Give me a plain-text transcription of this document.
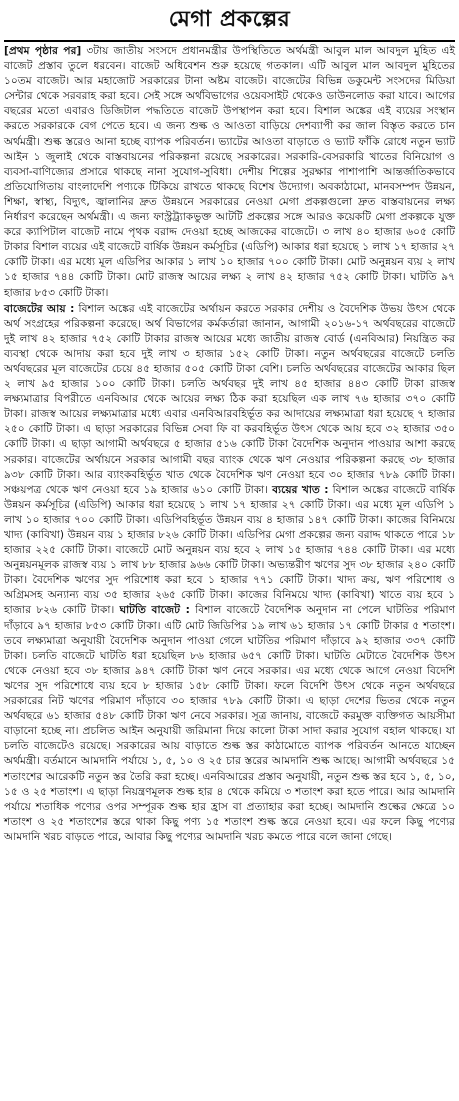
মেগা প্রকল্পের

[প্রথম পৃষ্ঠার পর] ৩টায় জাতীয় সংসদে প্রধানমন্ত্রীর উপস্থিতিতে অর্থমন্ত্রী আবুল মাল আবদুল মুহিত এই বাজেট প্রস্তাব তুলে ধরবেন। বাজেট অধিবেশন শুরু হয়েছে গতকাল। এটি আবুল মাল আবদুল মুহিতের ১০তম বাজেট। আর মহাজোট সরকারের টানা অষ্টম বাজেট। বাজেটের বিভিন্ন ডকুমেন্ট সংসদের মিডিয়া সেন্টার থেকে সরবরাহ করা হবে। সেই সঙ্গে অর্থবিভাগের ওয়েবসাইট থেকেও ডাউনলোড করা যাবে। আগের বছরের মতো এবারও ডিজিটাল পদ্ধতিতে বাজেট উপস্থাপন করা হবে। বিশাল অঙ্কের এই ব্যয়ের সংস্থান করতে সরকারকে বেগ পেতে হবে। এ জন্য শুল্ক ও আওতা বাড়িয়ে দেশব্যাপী কর জাল বিস্তৃত করতে চান অর্থমন্ত্রী। শুল্ক স্তরেও আনা হচ্ছে ব্যাপক পরিবর্তন। ভ্যাটের আওতা বাড়াতে ও ভ্যাট ফাঁকি রোধে নতুন ভ্যাট আইন ১ জুলাই থেকে বাস্তবায়নের পরিকল্পনা রয়েছে সরকারের। সরকারি-বেসরকারি খাতের বিনিয়োগ ও ব্যবসা-বাণিজ্যের প্রসারে থাকছে নানা সুযোগ-সুবিধা। দেশীয় শিল্পের সুরক্ষার পাশাপাশি আন্তর্জাতিকভাবে প্রতিযোগিতায় বাংলাদেশি পণ্যকে টিকিয়ে রাখতে থাকছে বিশেষ উদ্যোগ। অবকাঠামো, মানবসম্পদ উন্নয়ন, শিক্ষা, স্বাস্থ্য, বিদ্যুৎ, জ্বালানির দ্রুত উন্নয়নে সরকারের নেওয়া মেগা প্রকল্পগুলো দ্রুত বাস্তবায়নের লক্ষ্য নির্ধারণ করেছেন অর্থমন্ত্রী। এ জন্য ফাস্ট্রট্র্যাকভুক্ত আটটি প্রকল্পের সঙ্গে আরও কয়েকটি মেগা প্রকল্পকে যুক্ত করে ক্যাপিটাল বাজেট নামে পৃথক বরাদ্দ দেওয়া হচ্ছে আজকের বাজেটে। ৩ লাখ ৪০ হাজার ৬০৫ কোটি টাকার বিশাল ব্যয়ের এই বাজেটে বার্ষিক উন্নয়ন কর্মসূচির (এডিপি) আকার ধরা হয়েছে ১ লাখ ১৭ হাজার ২৭ কোটি টাকা। এর মধ্যে মূল এডিপির আকার ১ লাখ ১০ হাজার ৭০০ কোটি টাকা। মোট অনুন্নয়ন ব্যয় ২ লাখ ১৫ হাজার ৭৪৪ কোটি টাকা। মোট রাজস্ব আয়ের লক্ষ্য ২ লাখ ৪২ হাজার ৭৫২ কোটি টাকা। ঘাটতি ৯৭ হাজার ৮৫৩ কোটি টাকা।

বাজেটের আয় : বিশাল অঙ্কের এই বাজেটের অর্থায়ন করতে সরকার দেশীয় ও বৈদেশিক উভয় উৎস থেকে অর্থ সংগ্রহের পরিকল্পনা করেছে। অর্থ বিভাগের কর্মকর্তারা জানান, আগামী ২০১৬-১৭ অর্থবছরের বাজেটে দুই লাখ ৪২ হাজার ৭৫২ কোটি টাকার রাজস্ব আয়ের মধ্যে জাতীয় রাজস্ব বোর্ড (এনবিআর) নিয়ন্ত্রিত কর ব্যবস্থা থেকে আদায় করা হবে দুই লাখ ৩ হাজার ১৫২ কোটি টাকা। নতুন অর্থবছরের বাজেটে চলতি অর্থবছরের মূল বাজেটের চেয়ে ৪৫ হাজার ৫০৫ কোটি টাকা বেশি। চলতি অর্থবছরের বাজেটের আকার ছিল ২ লাখ ৯৫ হাজার ১০০ কোটি টাকা। চলতি অর্থবছর দুই লাখ ৪৫ হাজার ৪৪৩ কোটি টাকা রাজস্ব লক্ষ্যমাত্রার বিপরীতে এনবিআর থেকে আয়ের লক্ষ্য ঠিক করা হয়েছিল এক লাখ ৭৬ হাজার ৩৭০ কোটি টাকা। রাজস্ব আয়ের লক্ষ্যমাত্রার মধ্যে এবার এনবিআরবহির্ভূত কর আদায়ের লক্ষ্যমাত্রা ধরা হয়েছে ৭ হাজার ২৫০ কোটি টাকা। এ ছাড়া সরকারের বিভিন্ন সেবা ফি বা করবহির্ভূত উৎস থেকে আয় হবে ৩২ হাজার ৩৫০ কোটি টাকা। এ ছাড়া আগামী অর্থবছরে ৫ হাজার ৫১৬ কোটি টাকা বৈদেশিক অনুদান পাওয়ার আশা করছে সরকার। বাজেটের অর্থায়নে সরকার আগামী বছর ব্যাংক থেকে ঋণ নেওয়ার পরিকল্পনা করছে ৩৮ হাজার ৯৩৮ কোটি টাকা। আর ব্যাংকবহির্ভূত খাত থেকে বৈদেশিক ঋণ নেওয়া হবে ৩০ হাজার ৭৮৯ কোটি টাকা। সঞ্চয়পত্র থেকে ঋণ নেওয়া হবে ১৯ হাজার ৬১০ কোটি টাকা। ব্যয়ের খাত : বিশাল অঙ্কের বাজেটে বার্ষিক উন্নয়ন কর্মসূচির (এডিপি) আকার ধরা হয়েছে ১ লাখ ১৭ হাজার ২৭ কোটি টাকা। এর মধ্যে মূল এডিপি ১ লাখ ১০ হাজার ৭০০ কোটি টাকা। এডিপিবহির্ভূত উন্নয়ন ব্যয় ৪ হাজার ১৪৭ কোটি টাকা। কাজের বিনিময়ে খাদ্য (কাবিখা) উন্নয়ন ব্যয় ১ হাজার ৮২৬ কোটি টাকা। এডিপির মেগা প্রকল্পের জন্য বরাদ্দ থাকতে পারে ১৮ হাজার ২২৫ কোটি টাকা। বাজেটে মোট অনুন্নয়ন ব্যয় হবে ২ লাখ ১৫ হাজার ৭৪৪ কোটি টাকা। এর মধ্যে অনুন্নয়নমূলক রাজস্ব ব্যয় ১ লাখ ৮৮ হাজার ৯৬৬ কোটি টাকা। অভ্যন্তরীণ ঋণের সুদ ৩৮ হাজার ২৪০ কোটি টাকা। বৈদেশিক ঋণের সুদ পরিশোধ করা হবে ১ হাজার ৭৭১ কোটি টাকা। খাদ্য ক্রয়, ঋণ পরিশোধ ও অগ্রিমসহ অন্যান্য ব্যয় ৩৫ হাজার ২৬৫ কোটি টাকা। কাজের বিনিময়ে খাদ্য (কাবিখা) খাতে ব্যয় হবে ১ হাজার ৮২৬ কোটি টাকা। ঘাটতি বাজেট : বিশাল বাজেটে বৈদেশিক অনুদান না পেলে ঘাটতির পরিমাণ দাঁড়াবে ৯৭ হাজার ৮৫৩ কোটি টাকা। এটি মোট জিডিপির ১৯ লাখ ৬১ হাজার ১৭ কোটি টাকার ৫ শতাংশ। তবে লক্ষ্যমাত্রা অনুযায়ী বৈদেশিক অনুদান পাওয়া গেলে ঘাটতির পরিমাণ দাঁড়াবে ৯২ হাজার ৩৩৭ কোটি টাকা। চলতি বাজেটে ঘাটতি ধরা হয়েছিল ৮৬ হাজার ৬৫৭ কোটি টাকা। ঘাটতি মেটাতে বৈদেশিক উৎস থেকে নেওয়া হবে ৩৮ হাজার ৯৪৭ কোটি টাকা ঋণ নেবে সরকার। এর মধ্যে থেকে আগে নেওয়া বিদেশি ঋণের সুদ পরিশোধে ব্যয় হবে ৮ হাজার ১৫৮ কোটি টাকা। ফলে বিদেশি উৎস থেকে নতুন অর্থবছরে সরকারের নিট ঋণের পরিমাণ দাঁড়াবে ৩০ হাজার ৭৮৯ কোটি টাকা। এ ছাড়া দেশের ভিতর থেকে নতুন অর্থবছরে ৬১ হাজার ৫৪৮ কোটি টাকা ঋণ নেবে সরকার। সূত্র জানায়, বাজেটে করমুক্ত ব্যক্তিগত আয়সীমা বাড়ানো হচ্ছে না। প্রচলিত আইন অনুযায়ী জরিমানা দিয়ে কালো টাকা সাদা করার সুযোগ বহাল থাকছে। যা চলতি বাজেটেও রয়েছে। সরকারের আয় বাড়াতে শুল্ক স্তর কাঠামোতে ব্যাপক পরিবর্তন আনতে যাচ্ছেন অর্থমন্ত্রী। বর্তমানে আমদানি পর্যায়ে ১, ৫, ১০ ও ২৫ চার স্তরের আমদানি শুল্ক আছে। আগামী অর্থবছরে ১৫ শতাংশের আরেকটি নতুন স্তর তৈরি করা হচ্ছে। এনবিআরের প্রস্তাব অনুযায়ী, নতুন শুল্ক স্তর হবে ১, ৫, ১০, ১৫ ও ২৫ শতাংশ। এ ছাড়া নিয়ন্ত্রণমূলক শুল্ক হার ৪ থেকে কমিয়ে ৩ শতাংশ করা হতে পারে। আর আমদানি পর্যায়ে শতাধিক পণ্যের ওপর সম্পূরক শুল্ক হার হ্রাস বা প্রত্যাহার করা হচ্ছে। আমদানি শুল্কের ক্ষেত্রে ১০ শতাংশ ও ২৫ শতাংশের স্তরে থাকা কিছু পণ্য ১৫ শতাংশ শুল্ক স্তরে নেওয়া হবে। এর ফলে কিছু পণ্যের আমদানি খরচ বাড়তে পারে, আবার কিছু পণ্যের আমদানি খরচ কমতে পারে বলে জানা গেছে।
